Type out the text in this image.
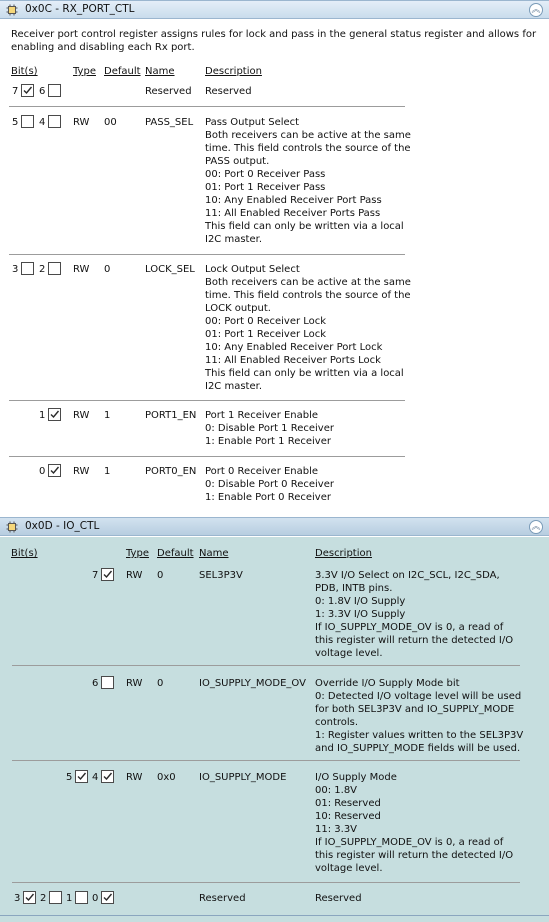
0x0C - RX_PORT_CTL	︽
Receiver port control register assigns rules for lock and pass in the general status register and allows for
enabling and disabling each Rx port.
Bit(s)	Type Default Name	Description
7 6	Reserved Reserved
5 4	RW 00	PASS_SEL Pass Output Select
Both receivers can be active at the same
time. This field controls the source of the
PASS output.
00: Port 0 Receiver Pass
01: Port 1 Receiver Pass
10: Any Enabled Receiver Port Pass
11: All Enabled Receiver Ports Pass
This field can only be written via a local
I2C master.
3 2	RW 0	LOCK_SEL Lock Output Select
Both receivers can be active at the same
time. This field controls the source of the
LOCK output.
00: Port 0 Receiver Lock
01: Port 1 Receiver Lock
10: Any Enabled Receiver Port Lock
11: All Enabled Receiver Ports Lock
This field can only be written via a local
I2C master.
1	RW 1	PORT1_EN Port 1 Receiver Enable
0: Disable Port 1 Receiver
1: Enable Port 1 Receiver
0	RW 1	PORT0_EN Port 0 Receiver Enable
0: Disable Port 0 Receiver
1: Enable Port 0 Receiver
0x0D - IO_CTL	︽
Bit(s)	Type Default Name	Description
7	RW 0	SEL3P3V	3.3V I/O Select on I2C_SCL, I2C_SDA,
PDB, INTB pins.
0: 1.8V I/O Supply
1: 3.3V I/O Supply
If IO_SUPPLY_MODE_OV is 0, a read of
this register will return the detected I/O
voltage level.
6	RW 0	IO_SUPPLY_MODE_OV Override I/O Supply Mode bit
0: Detected I/O voltage level will be used
for both SEL3P3V and IO_SUPPLY_MODE
controls.
1: Register values written to the SEL3P3V
and IO_SUPPLY_MODE fields will be used.
5 4	RW 0x0 IO_SUPPLY_MODE	I/O Supply Mode
00: 1.8V
01: Reserved
10: Reserved
11: 3.3V
If IO_SUPPLY_MODE_OV is 0, a read of
this register will return the detected I/O
voltage level.
3 2 1 0	Reserved	Reserved
